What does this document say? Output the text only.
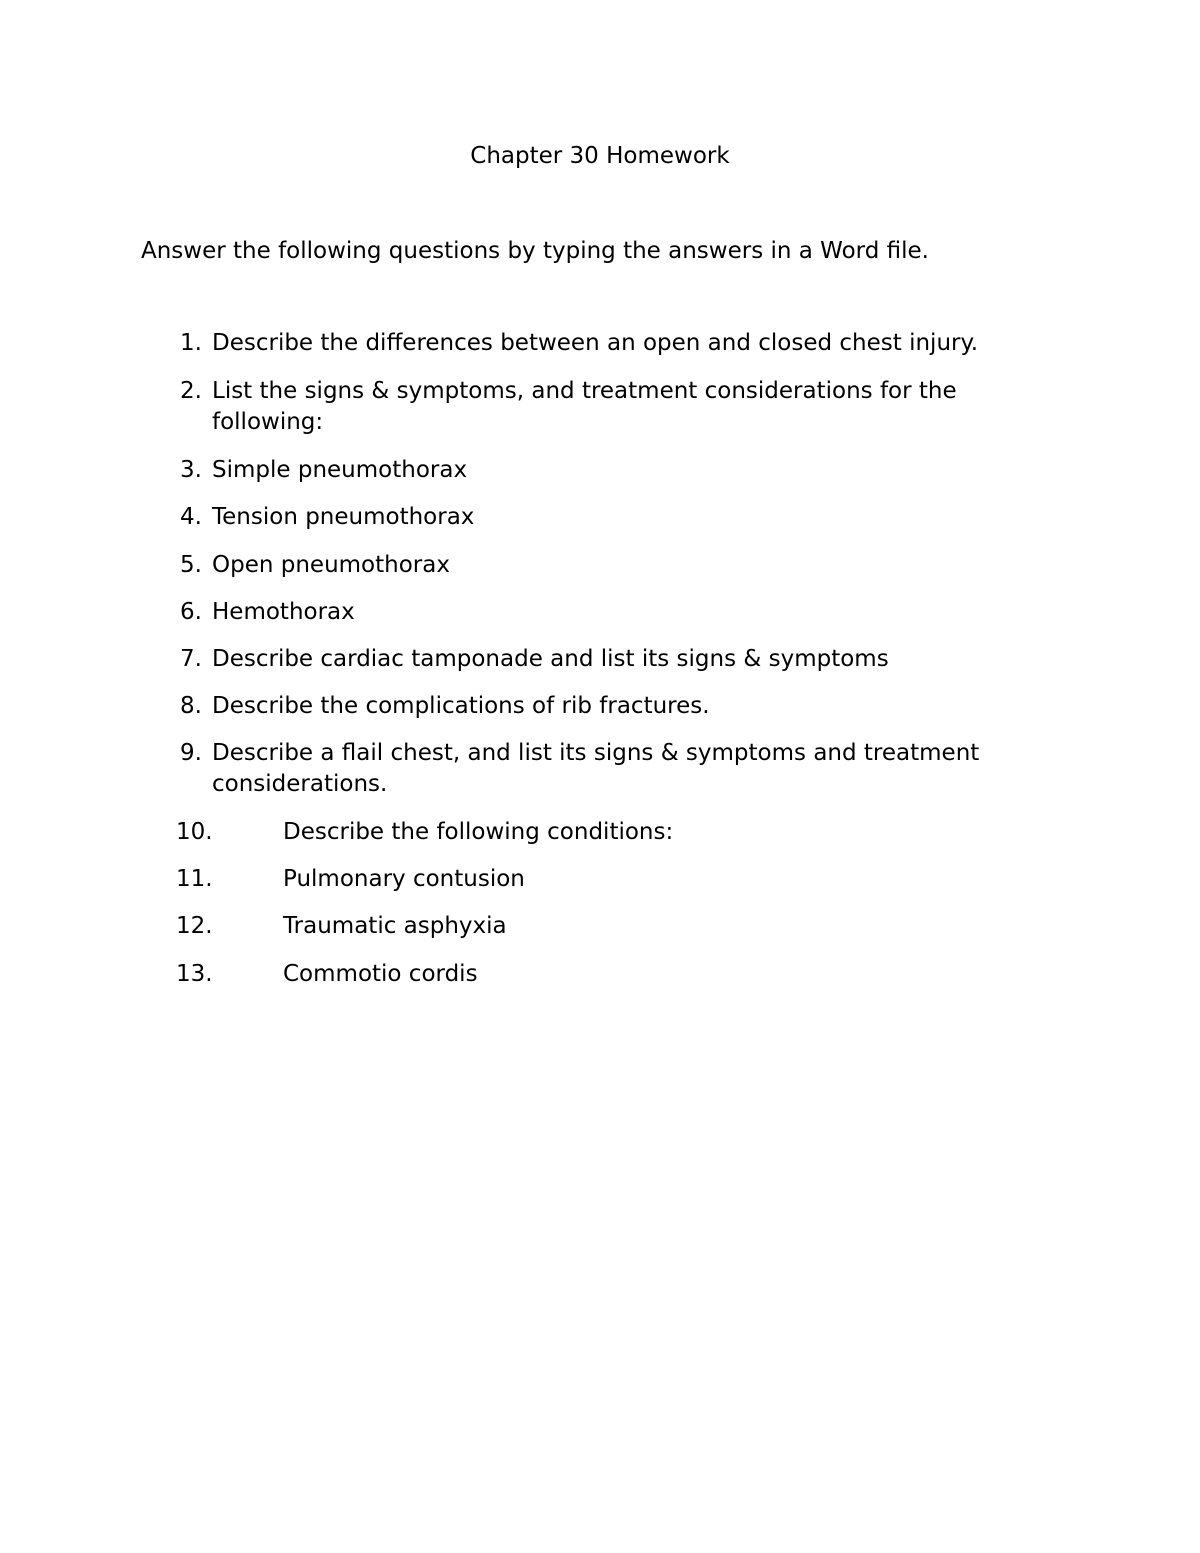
Chapter 30 Homework

Answer the following questions by typing the answers in a Word file.

1. Describe the differences between an open and closed chest injury.
2. List the signs & symptoms, and treatment considerations for the following:
3. Simple pneumothorax
4. Tension pneumothorax
5. Open pneumothorax
6. Hemothorax
7. Describe cardiac tamponade and list its signs & symptoms
8. Describe the complications of rib fractures.
9. Describe a flail chest, and list its signs & symptoms and treatment considerations.
10.	Describe the following conditions:
11.	Pulmonary contusion
12.	Traumatic asphyxia
13.	Commotio cordis
